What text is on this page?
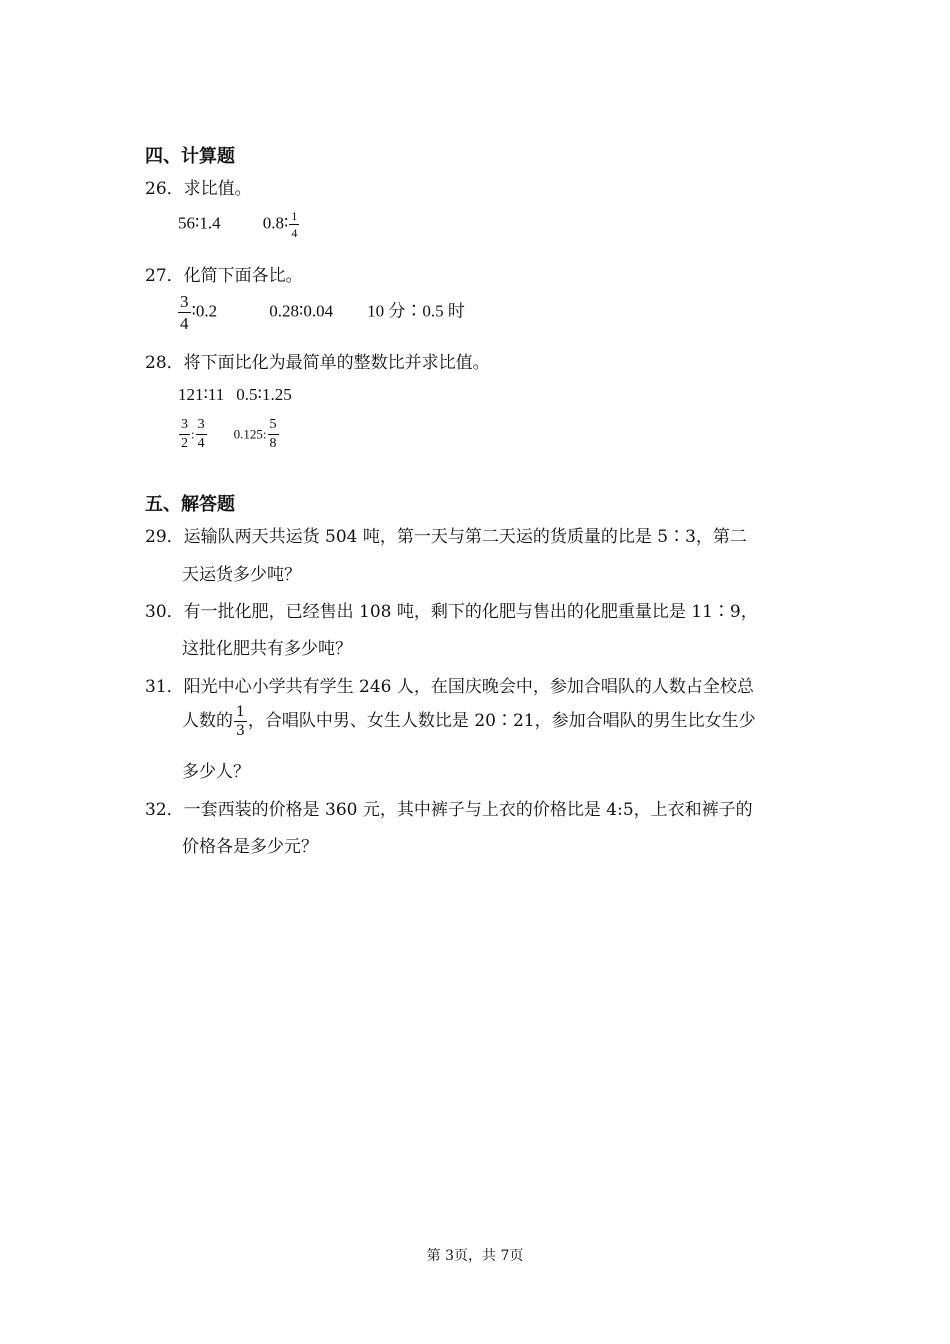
四、计算题
26．求比值。
56∶1.4 0.8∶ $\frac{1}{4}$
27．化简下面各比。
$\frac{3}{4}$ ∶0.2	0.28∶0.04 10 分∶0.5 时
28．将下面比化为最简单的整数比并求比值。
121∶11 0.5∶1.25
$\frac{3}{2}$ : $\frac{3}{4} 0.125$: $\frac{5}{8}$
五、解答题
29．运输队两天共运货 504 吨，第一天与第二天运的货质量的比是 5∶3，第二
天运货多少吨？
30．有一批化肥，已经售出 108 吨，剩下的化肥与售出的化肥重量比是 11∶9，
这批化肥共有多少吨？
31．阳光中心小学共有学生 246 人，在国庆晚会中，参加合唱队的人数占全校总
人数的 $\frac{1}{3}$ ，合唱队中男、女生人数比是 20∶21，参加合唱队的男生比女生少
多少人？
32．一套西装的价格是 360 元，其中裤子与上衣的价格比是 4:5，上衣和裤子的
价格各是多少元？
第 3页，共 7页
